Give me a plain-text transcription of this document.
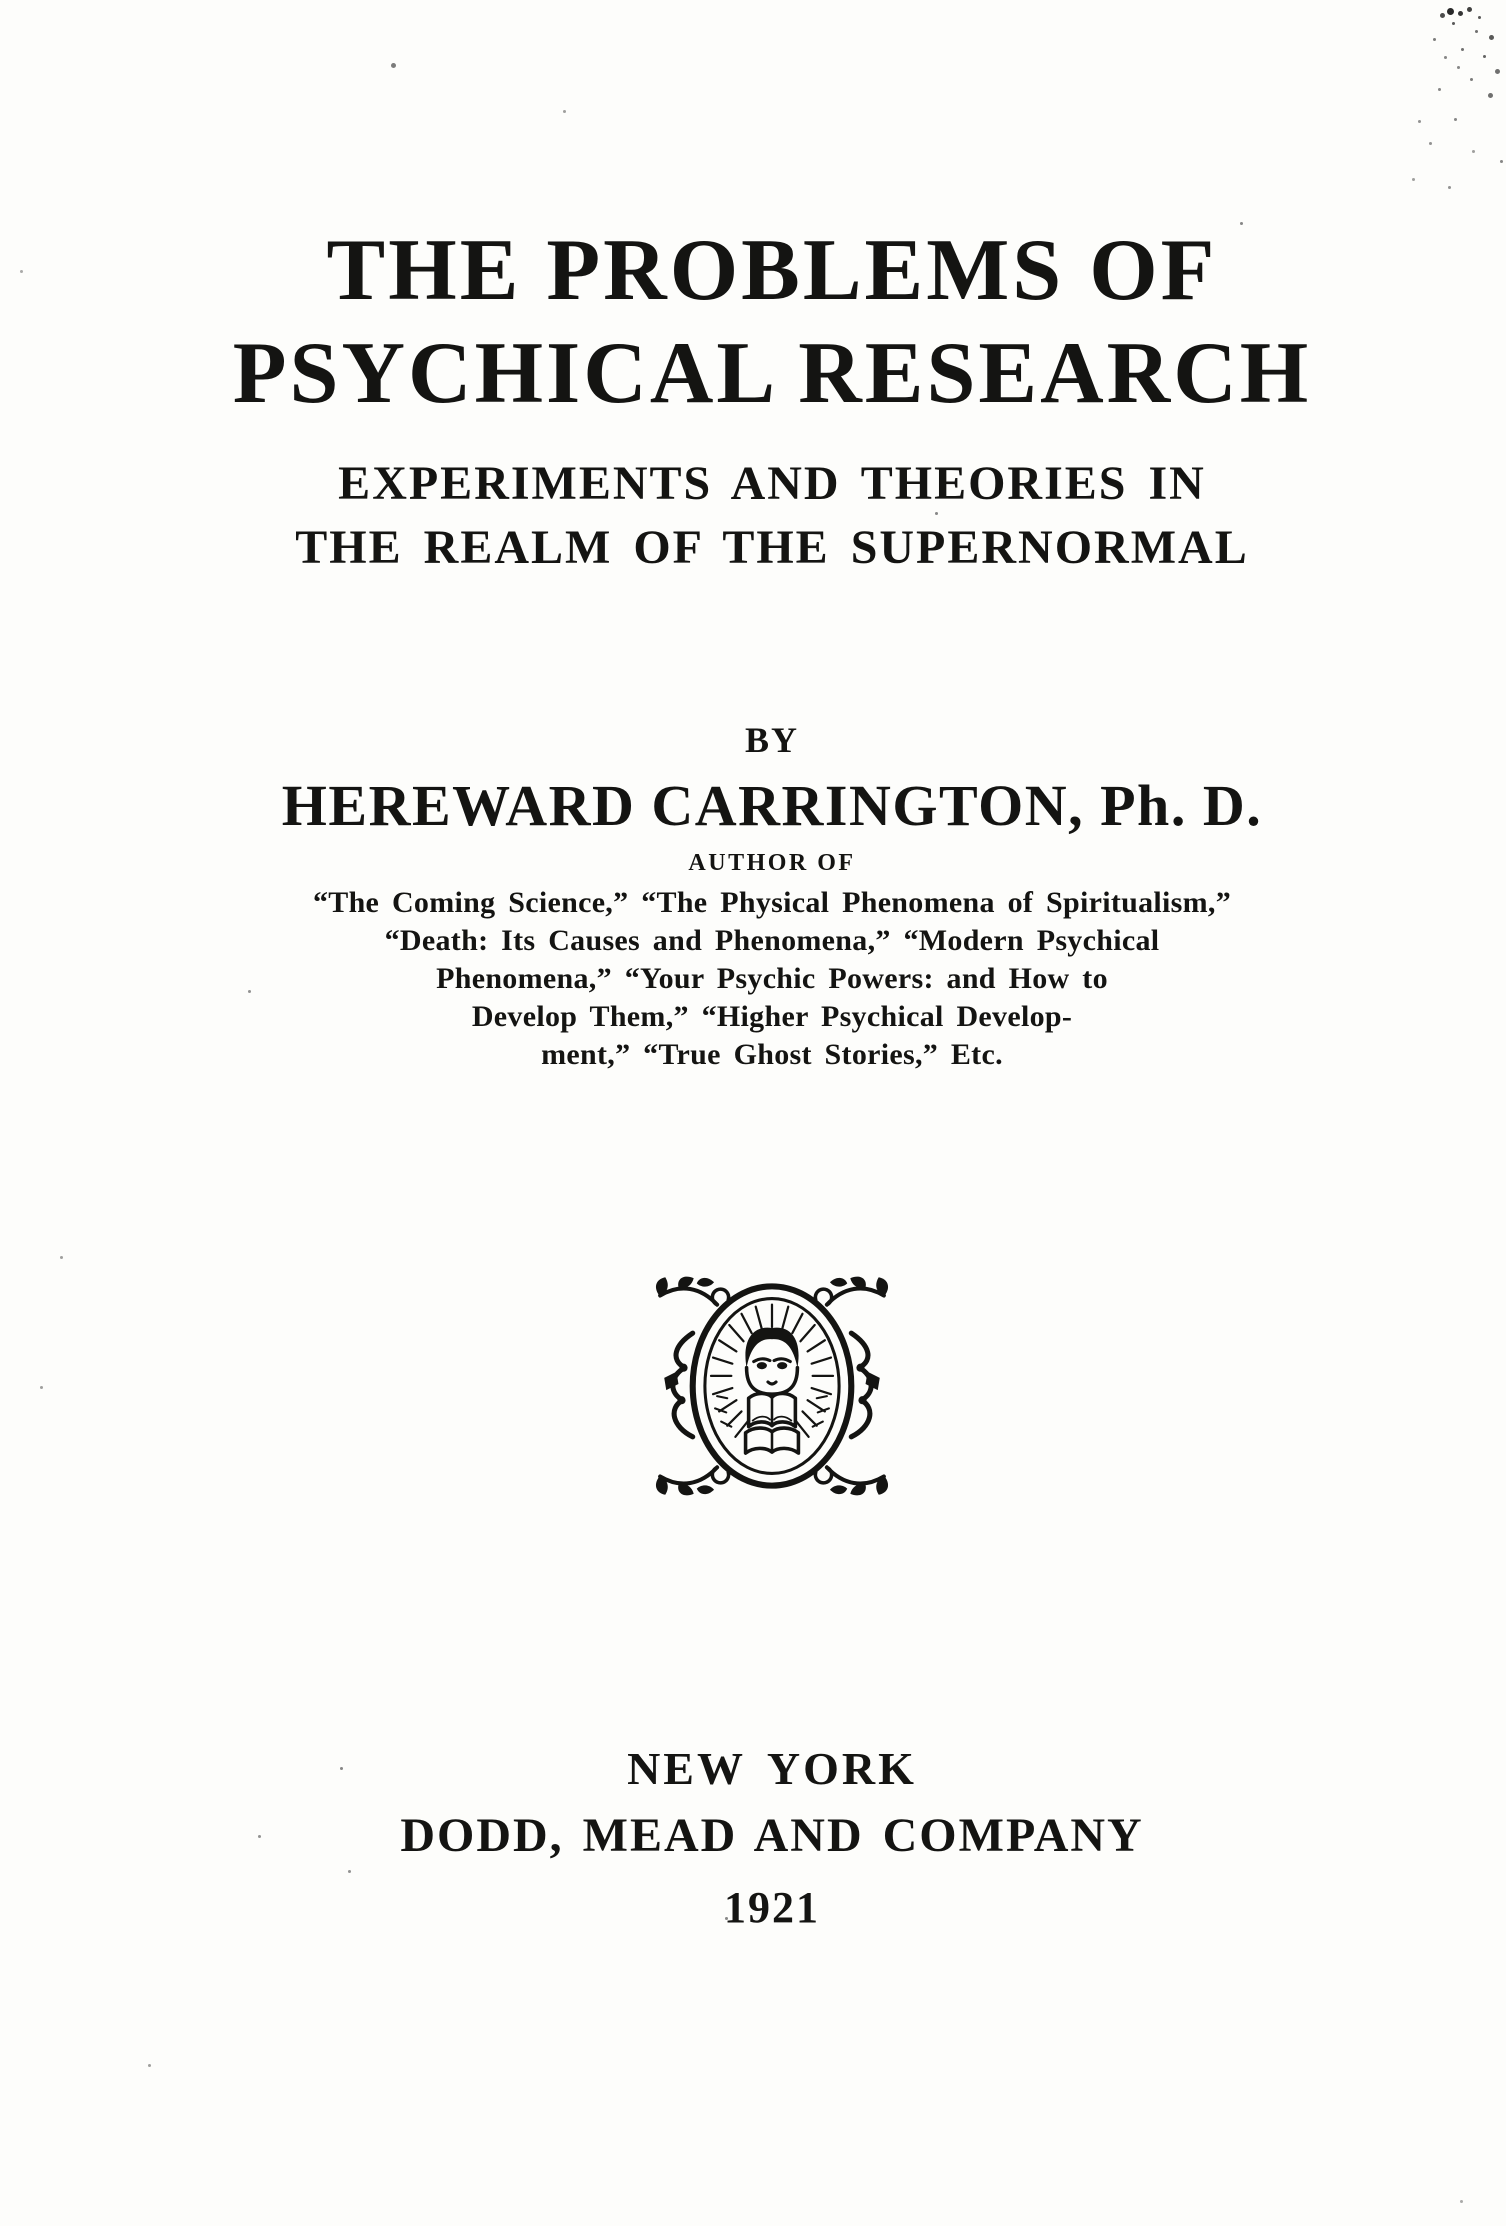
THE PROBLEMS OF
PSYCHICAL RESEARCH
EXPERIMENTS AND THEORIES IN
THE REALM OF THE SUPERNORMAL
BY
HEREWARD CARRINGTON, Ph. D.
AUTHOR OF
“The Coming Science,” “The Physical Phenomena of Spiritualism,”
“Death: Its Causes and Phenomena,” “Modern Psychical
Phenomena,” “Your Psychic Powers: and How to
Develop Them,” “Higher Psychical Develop-
ment,” “True Ghost Stories,” Etc.
NEW YORK
DODD, MEAD AND COMPANY
1921
